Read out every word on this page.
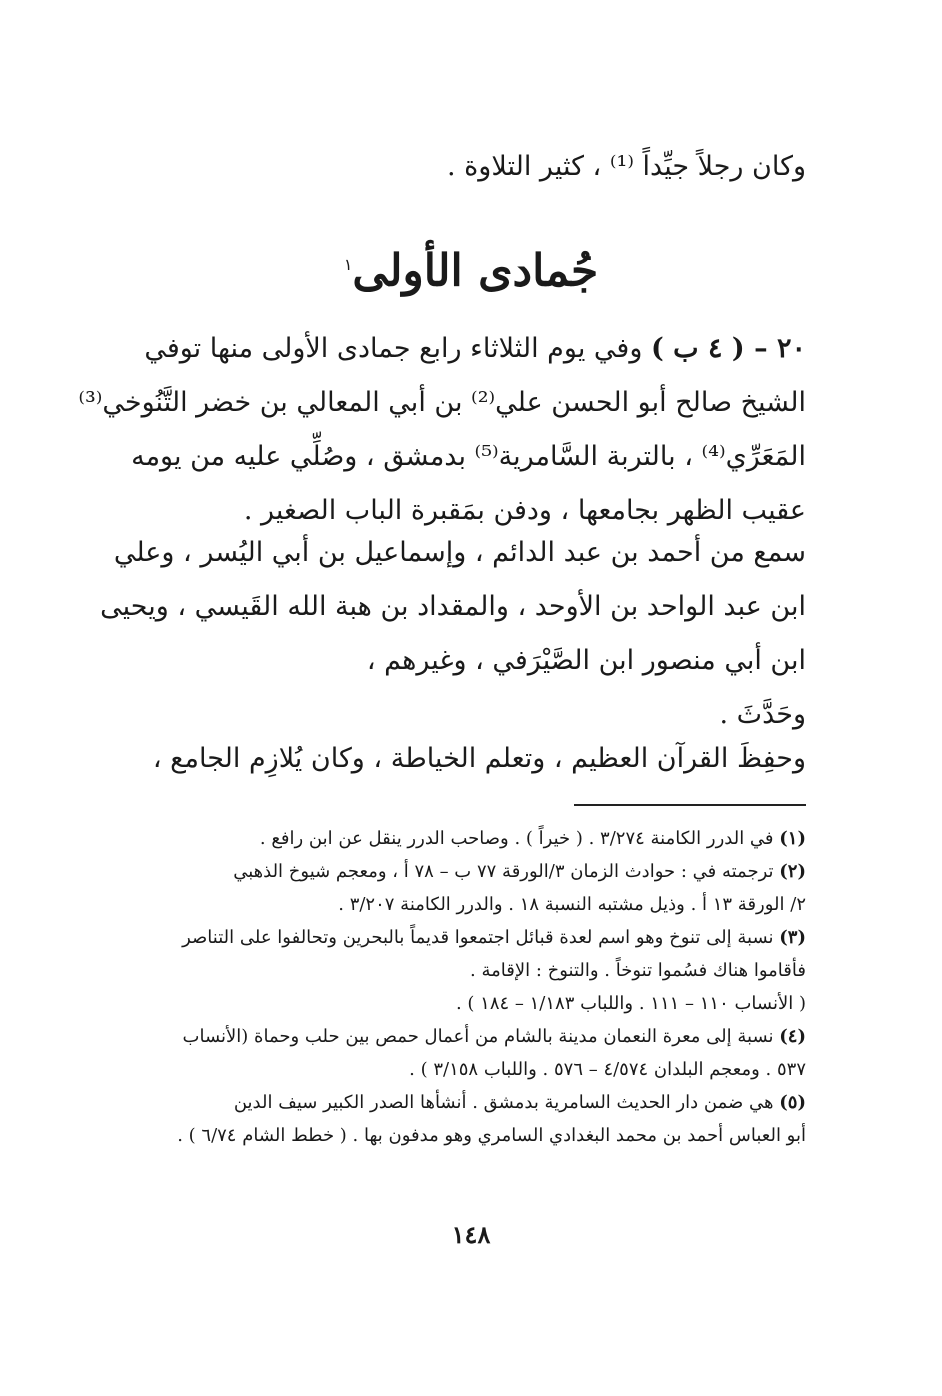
وكان رجلاً جيِّداً ⁽¹⁾ ، كثير التلاوة .
جُمادى الأولى$^١$
٢٠ – ( ٤ ب ) وفي يوم الثلاثاء رابع جمادى الأولى منها توفي
الشيخ صالح أبو الحسن علي⁽²⁾ بن أبي المعالي بن خضر التَّنُوخي⁽³⁾
المَعَرِّي⁽⁴⁾ ، بالتربة السَّامرية⁽⁵⁾ بدمشق ، وصُلِّي عليه من يومه
عقيب الظهر بجامعها ، ودفن بمَقبرة الباب الصغير .
سمع من أحمد بن عبد الدائم ، وإسماعيل بن أبي اليُسر ، وعلي
ابن عبد الواحد بن الأوحد ، والمقداد بن هبة الله القَيسي ، ويحيى
ابن أبي منصور ابن الصَّيْرَفي ، وغيرهم ،
وحَدَّثَ .
وحفِظَ القرآن العظيم ، وتعلم الخياطة ، وكان يُلازِم الجامع ،
(١) في الدرر الكامنة ٣/٢٧٤ . ( خيراً ) . وصاحب الدرر ينقل عن ابن رافع .
(٢) ترجمته في : حوادث الزمان ٣/الورقة ٧٧ ب – ٧٨ أ ، ومعجم شيوخ الذهبي
٢/ الورقة ١٣ أ . وذيل مشتبه النسبة ١٨ . والدرر الكامنة ٣/٢٠٧ .
(٣) نسبة إلى تنوخ وهو اسم لعدة قبائل اجتمعوا قديماً بالبحرين وتحالفوا على التناصر
فأقاموا هناك فسُموا تنوخاً . والتنوخ : الإقامة .
( الأنساب ١١٠ – ١١١ . واللباب ١/١٨٣ – ١٨٤ ) .
(٤) نسبة إلى معرة النعمان مدينة بالشام من أعمال حمص بين حلب وحماة (الأنساب
٥٣٧ . ومعجم البلدان ٤/٥٧٤ – ٥٧٦ . واللباب ٣/١٥٨ ) .
(٥) هي ضمن دار الحديث السامرية بدمشق . أنشأها الصدر الكبير سيف الدين
أبو العباس أحمد بن محمد البغدادي السامري وهو مدفون بها . ( خطط الشام ٦/٧٤ ) .
١٤٨
